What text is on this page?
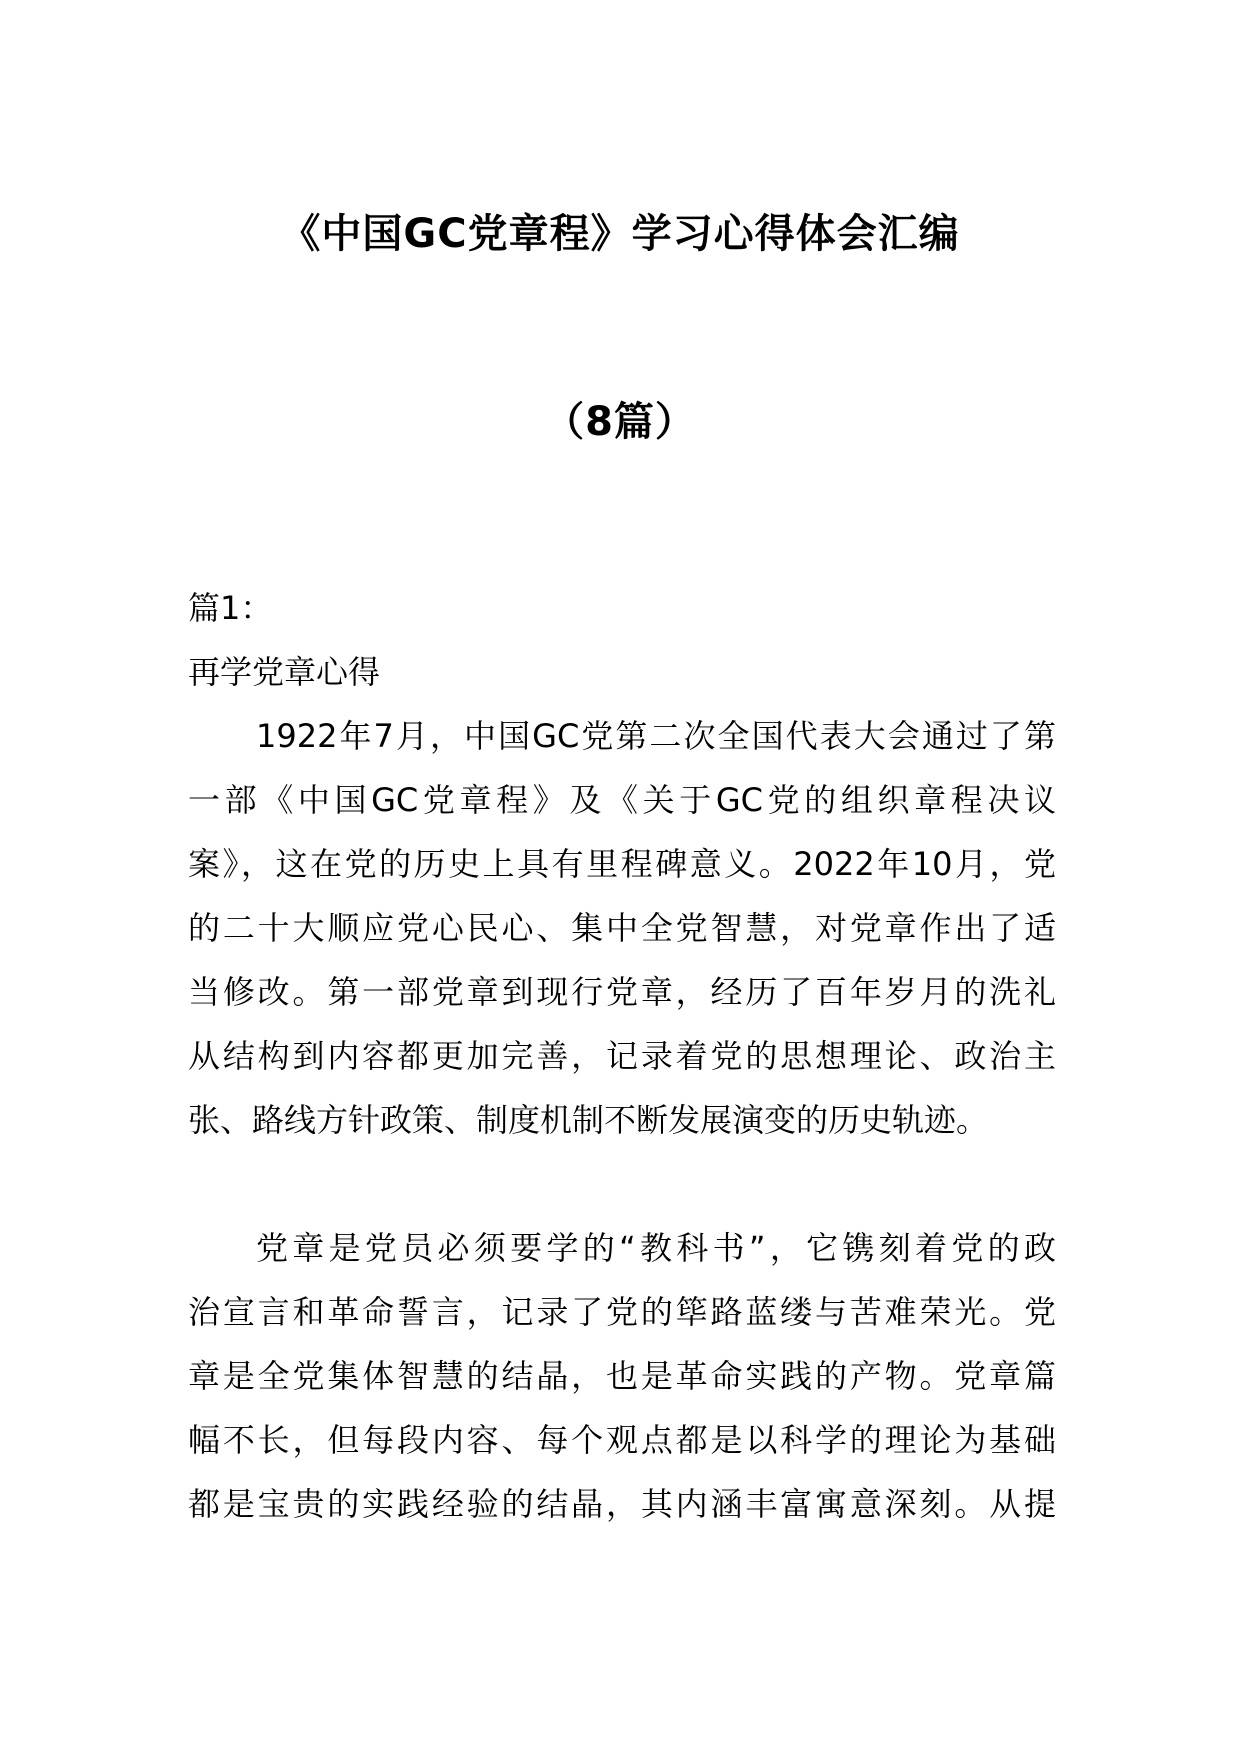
《中国GC党章程》学习心得体会汇编
（8篇）
篇1：
再学党章心得
1922年7月，中国GC党第二次全国代表大会通过了第
一部《中国GC党章程》及《关于GC党的组织章程决议
案》，这在党的历史上具有里程碑意义。2022年10月，党
的二十大顺应党心民心、集中全党智慧，对党章作出了适
当修改。第一部党章到现行党章，经历了百年岁月的洗礼
从结构到内容都更加完善，记录着党的思想理论、政治主
张、路线方针政策、制度机制不断发展演变的历史轨迹。
党章是党员必须要学的“教科书”，它镌刻着党的政
治宣言和革命誓言，记录了党的筚路蓝缕与苦难荣光。党
章是全党集体智慧的结晶，也是革命实践的产物。党章篇
幅不长，但每段内容、每个观点都是以科学的理论为基础
都是宝贵的实践经验的结晶，其内涵丰富寓意深刻。从提
